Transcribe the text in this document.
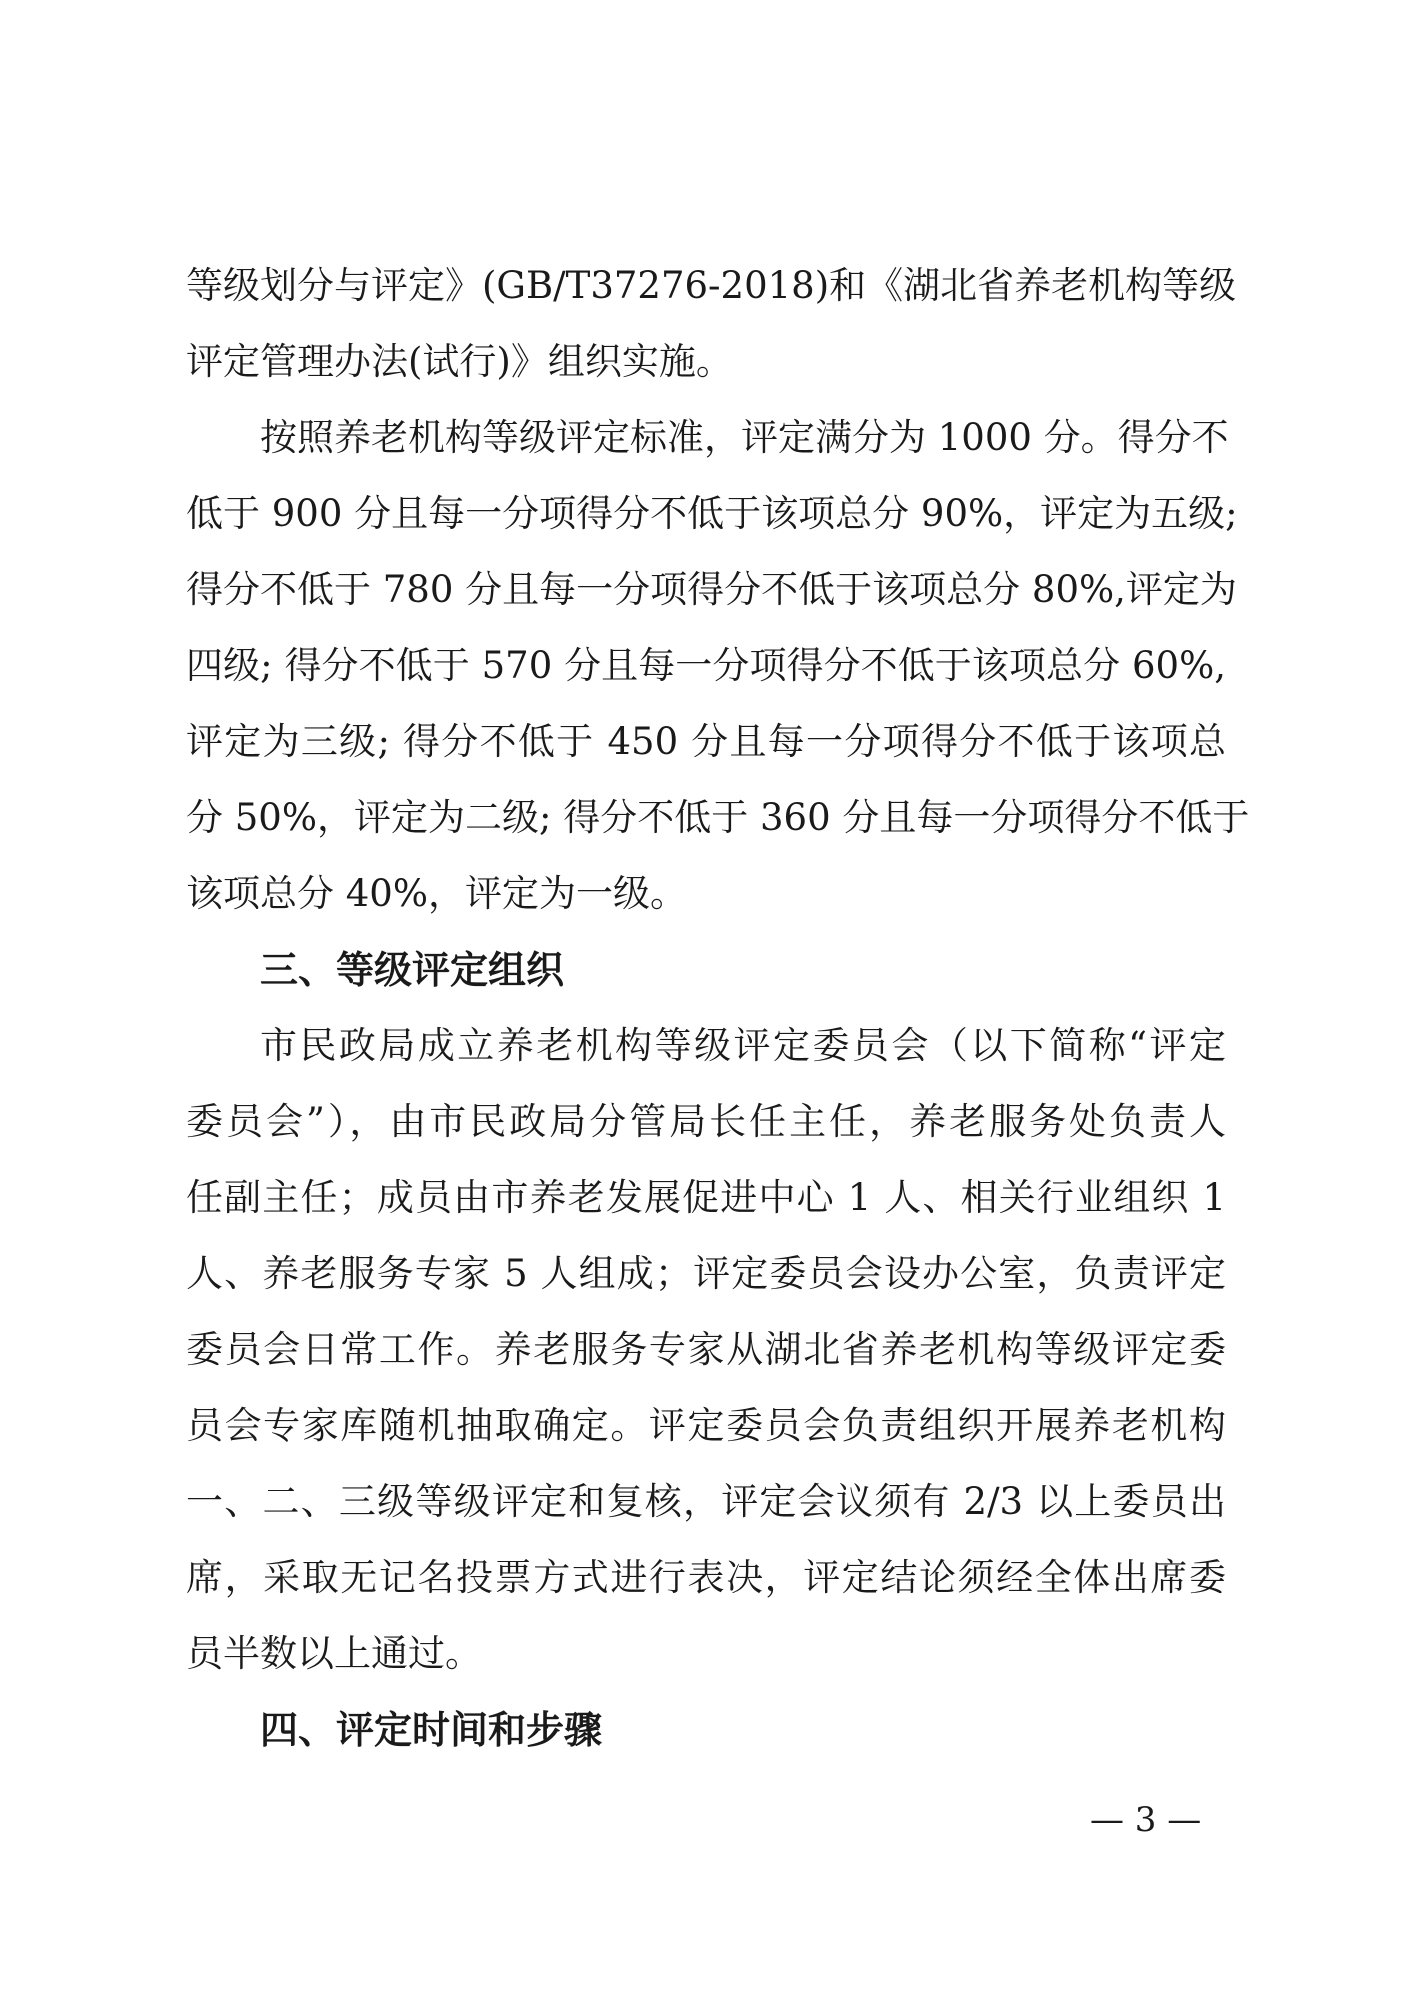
等级划分与评定》(GB/T37276-2018)和《湖北省养老机构等级
评定管理办法(试行)》组织实施。
按照养老机构等级评定标准，评定满分为 1000 分。得分不
低于 900 分且每一分项得分不低于该项总分 90%，评定为五级;
得分不低于 780 分且每一分项得分不低于该项总分 80%,评定为
四级; 得分不低于 570 分且每一分项得分不低于该项总分 60%,
评定为三级; 得分不低于 450 分且每一分项得分不低于该项总
分 50%，评定为二级; 得分不低于 360 分且每一分项得分不低于
该项总分 40%，评定为一级。
三、等级评定组织
市民政局成立养老机构等级评定委员会（以下简称“评定
委员会”），由市民政局分管局长任主任，养老服务处负责人
任副主任；成员由市养老发展促进中心 1 人、相关行业组织 1
人、养老服务专家 5 人组成；评定委员会设办公室，负责评定
委员会日常工作。养老服务专家从湖北省养老机构等级评定委
员会专家库随机抽取确定。评定委员会负责组织开展养老机构
一、二、三级等级评定和复核，评定会议须有 2/3 以上委员出
席，采取无记名投票方式进行表决，评定结论须经全体出席委
员半数以上通过。
四、评定时间和步骤
— 3 —
